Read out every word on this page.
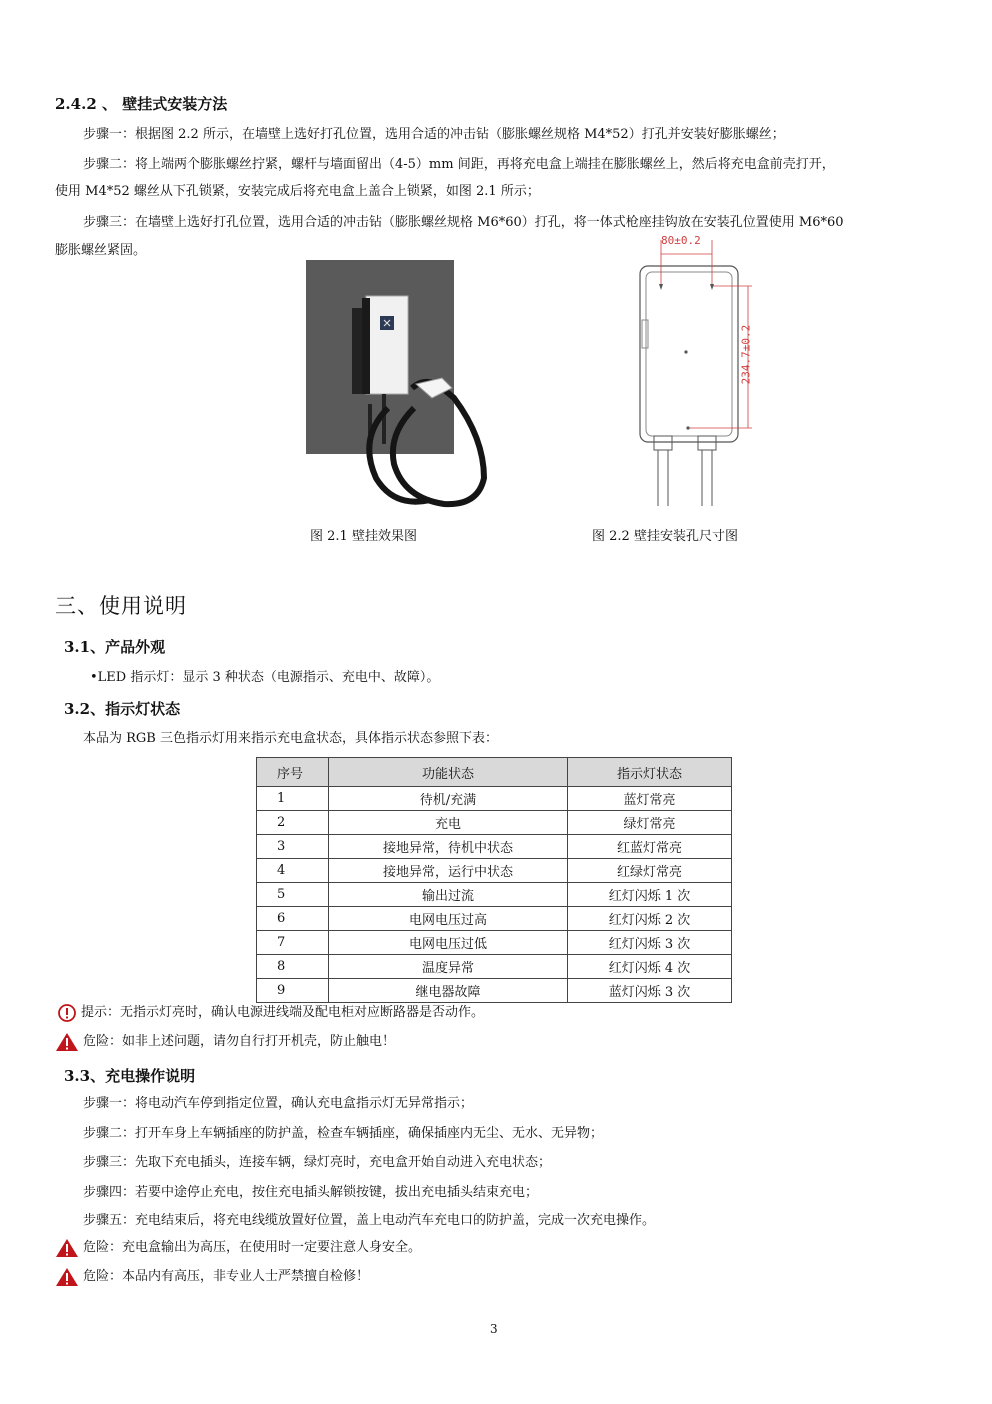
2.4.2 、 壁挂式安装方法
步骤一：根据图 2.2 所示，在墙壁上选好打孔位置，选用合适的冲击钻（膨胀螺丝规格 M4*52）打孔并安装好膨胀螺丝；
步骤二：将上端两个膨胀螺丝拧紧，螺杆与墙面留出（4-5）mm 间距，再将充电盒上端挂在膨胀螺丝上，然后将充电盒前壳打开，
使用 M4*52 螺丝从下孔锁紧，安装完成后将充电盒上盖合上锁紧，如图 2.1 所示；
步骤三：在墙壁上选好打孔位置，选用合适的冲击钻（膨胀螺丝规格 M6*60）打孔，将一体式枪座挂钩放在安装孔位置使用 M6*60
膨胀螺丝紧固。
80±0.2
234.7±0.2
图 2.1 壁挂效果图	图 2.2 壁挂安装孔尺寸图
三、使用说明
3.1、产品外观
•LED 指示灯：显示 3 种状态（电源指示、充电中、故障）。
3.2、指示灯状态
本品为 RGB 三色指示灯用来指示充电盒状态，具体指示状态参照下表：
序号	功能状态	指示灯状态
1	待机/充满	蓝灯常亮
2	充电	绿灯常亮
3	接地异常，待机中状态	红蓝灯常亮
4	接地异常，运行中状态	红绿灯常亮
5	输出过流	红灯闪烁 1 次
6	电网电压过高	红灯闪烁 2 次
7	电网电压过低	红灯闪烁 3 次
8	温度异常	红灯闪烁 4 次
9	继电器故障	蓝灯闪烁 3 次
提示：无指示灯亮时，确认电源进线端及配电柜对应断路器是否动作。
危险：如非上述问题，请勿自行打开机壳，防止触电！
3.3、充电操作说明
步骤一：将电动汽车停到指定位置，确认充电盒指示灯无异常指示；
步骤二：打开车身上车辆插座的防护盖，检查车辆插座，确保插座内无尘、无水、无异物；
步骤三：先取下充电插头，连接车辆，绿灯亮时，充电盒开始自动进入充电状态；
步骤四：若要中途停止充电，按住充电插头解锁按键，拔出充电插头结束充电；
步骤五：充电结束后，将充电线缆放置好位置，盖上电动汽车充电口的防护盖，完成一次充电操作。
危险：充电盒输出为高压，在使用时一定要注意人身安全。
危险：本品内有高压，非专业人士严禁擅自检修！
3
